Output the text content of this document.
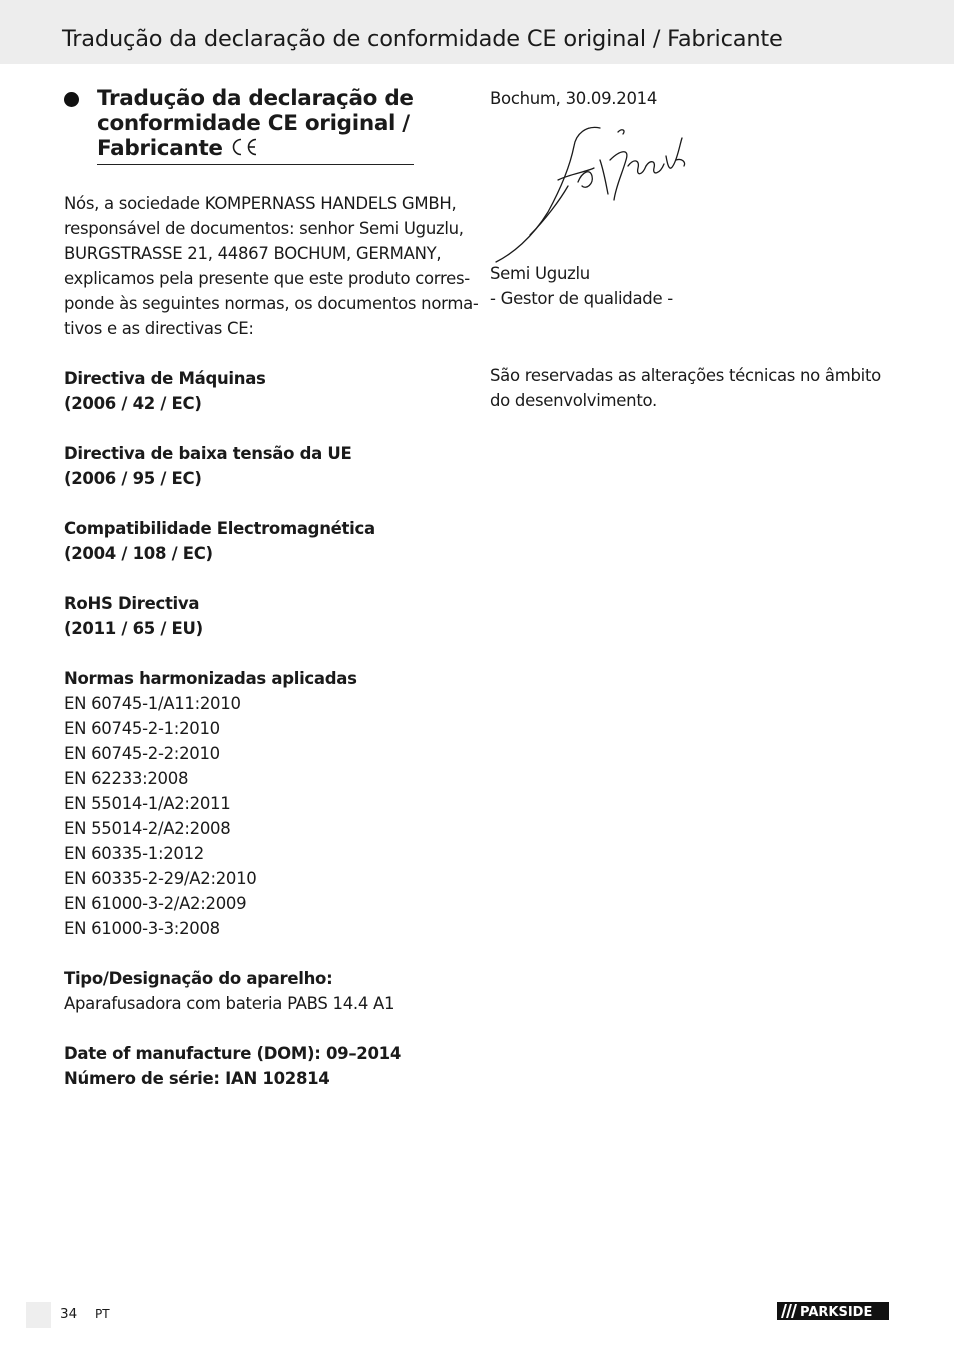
Tradução da declaração de conformidade CE original / Fabricante
Tradução da declaração de
conformidade CE original /
Fabricante

Nós, a sociedade KOMPERNASS HANDELS GMBH,

responsável de documentos: senhor Semi Uguzlu,

BURGSTRASSE 21, 44867 BOCHUM, GERMANY,

explicamos pela presente que este produto corres-

ponde às seguintes normas, os documentos norma-

tivos e as directivas CE:

Directiva de Máquinas

(2006 / 42 / EC)

Directiva de baixa tensão da UE

(2006 / 95 / EC)

Compatibilidade Electromagnética

(2004 / 108 / EC)

RoHS Directiva

(2011 / 65 / EU)

Normas harmonizadas aplicadas

EN 60745-1/A11:2010

EN 60745-2-1:2010

EN 60745-2-2:2010

EN 62233:2008

EN 55014-1/A2:2011

EN 55014-2/A2:2008

EN 60335-1:2012

EN 60335-2-29/A2:2010

EN 61000-3-2/A2:2009

EN 61000-3-3:2008

Tipo/Designação do aparelho:

Aparafusadora com bateria PABS 14.4 A1

Date of manufacture (DOM): 09–2014

Número de série: IAN 102814

Bochum, 30.09.2014

Semi Uguzlu

- Gestor de qualidade -

São reservadas as alterações técnicas no âmbito

do desenvolvimento.

34 PT	PARKSIDE
